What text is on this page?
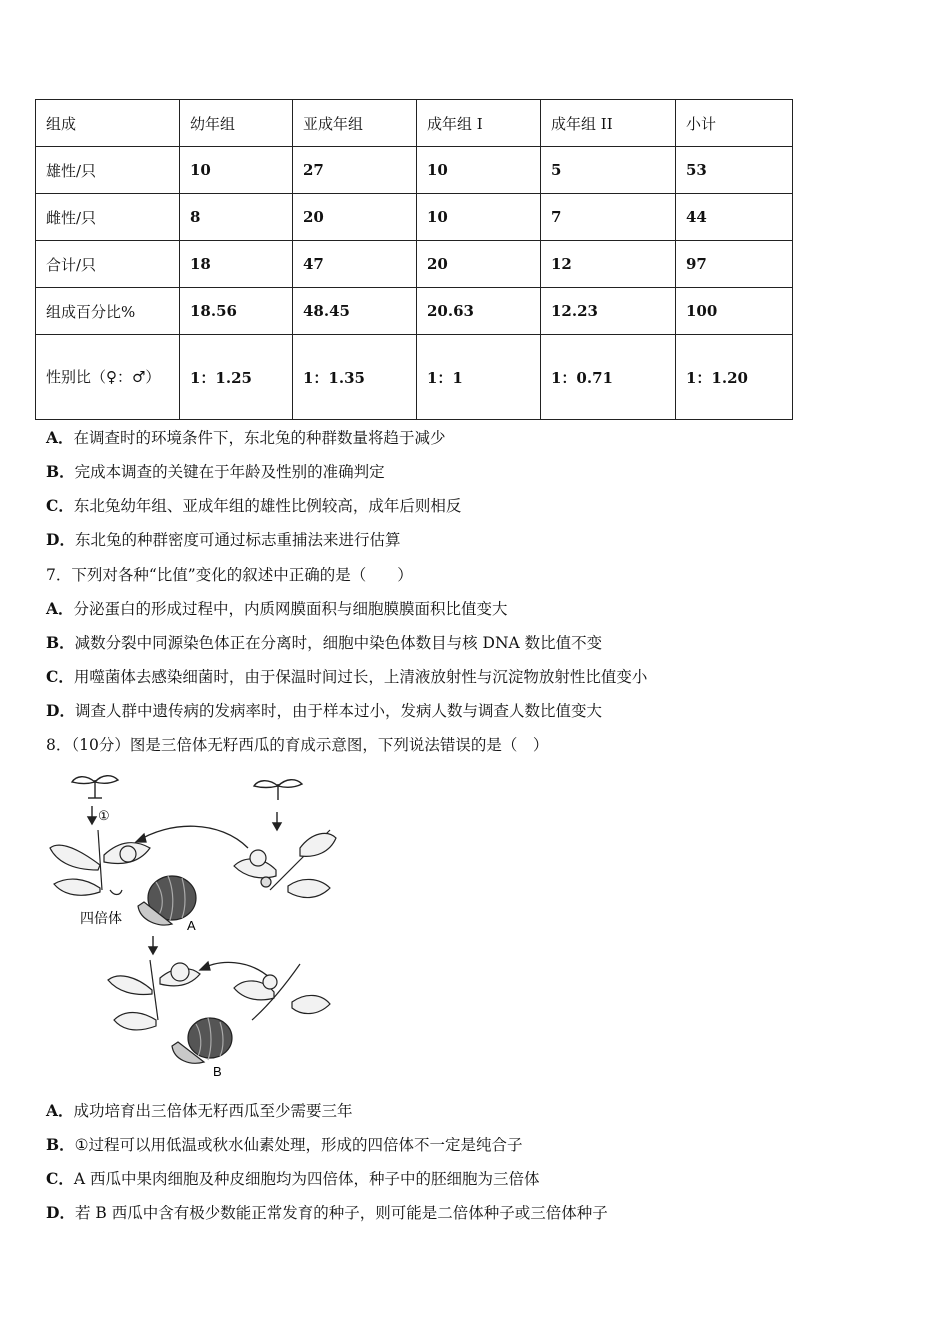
组成	幼年组	亚成年组	成年组 I	成年组 II	小计
雄性/只	10	27	10	5	53
雌性/只	8	20	10	7	44
合计/只	18	47	20	12	97
组成百分比%	18.56	48.45	20.63	12.23	100
性别比（♀：♂）	1：1.25	1：1.35	1：1	1：0.71	1：1.20
A．在调查时的环境条件下，东北兔的种群数量将趋于减少
B．完成本调查的关键在于年龄及性别的准确判定
C．东北兔幼年组、亚成年组的雄性比例较高，成年后则相反
D．东北兔的种群密度可通过标志重捕法来进行估算
7．下列对各种“比值”变化的叙述中正确的是（　　）
A．分泌蛋白的形成过程中，内质网膜面积与细胞膜膜面积比值变大
B．减数分裂中同源染色体正在分离时，细胞中染色体数目与核 DNA 数比值不变
C．用噬菌体去感染细菌时，由于保温时间过长，上清液放射性与沉淀物放射性比值变小
D．调查人群中遗传病的发病率时，由于样本过小，发病人数与调查人数比值变大
8．（10分）图是三倍体无籽西瓜的育成示意图，下列说法错误的是（　）
①
四倍体	A
B
A．成功培育出三倍体无籽西瓜至少需要三年
B．①过程可以用低温或秋水仙素处理，形成的四倍体不一定是纯合子
C．A 西瓜中果肉细胞及种皮细胞均为四倍体，种子中的胚细胞为三倍体
D．若 B 西瓜中含有极少数能正常发育的种子，则可能是二倍体种子或三倍体种子
